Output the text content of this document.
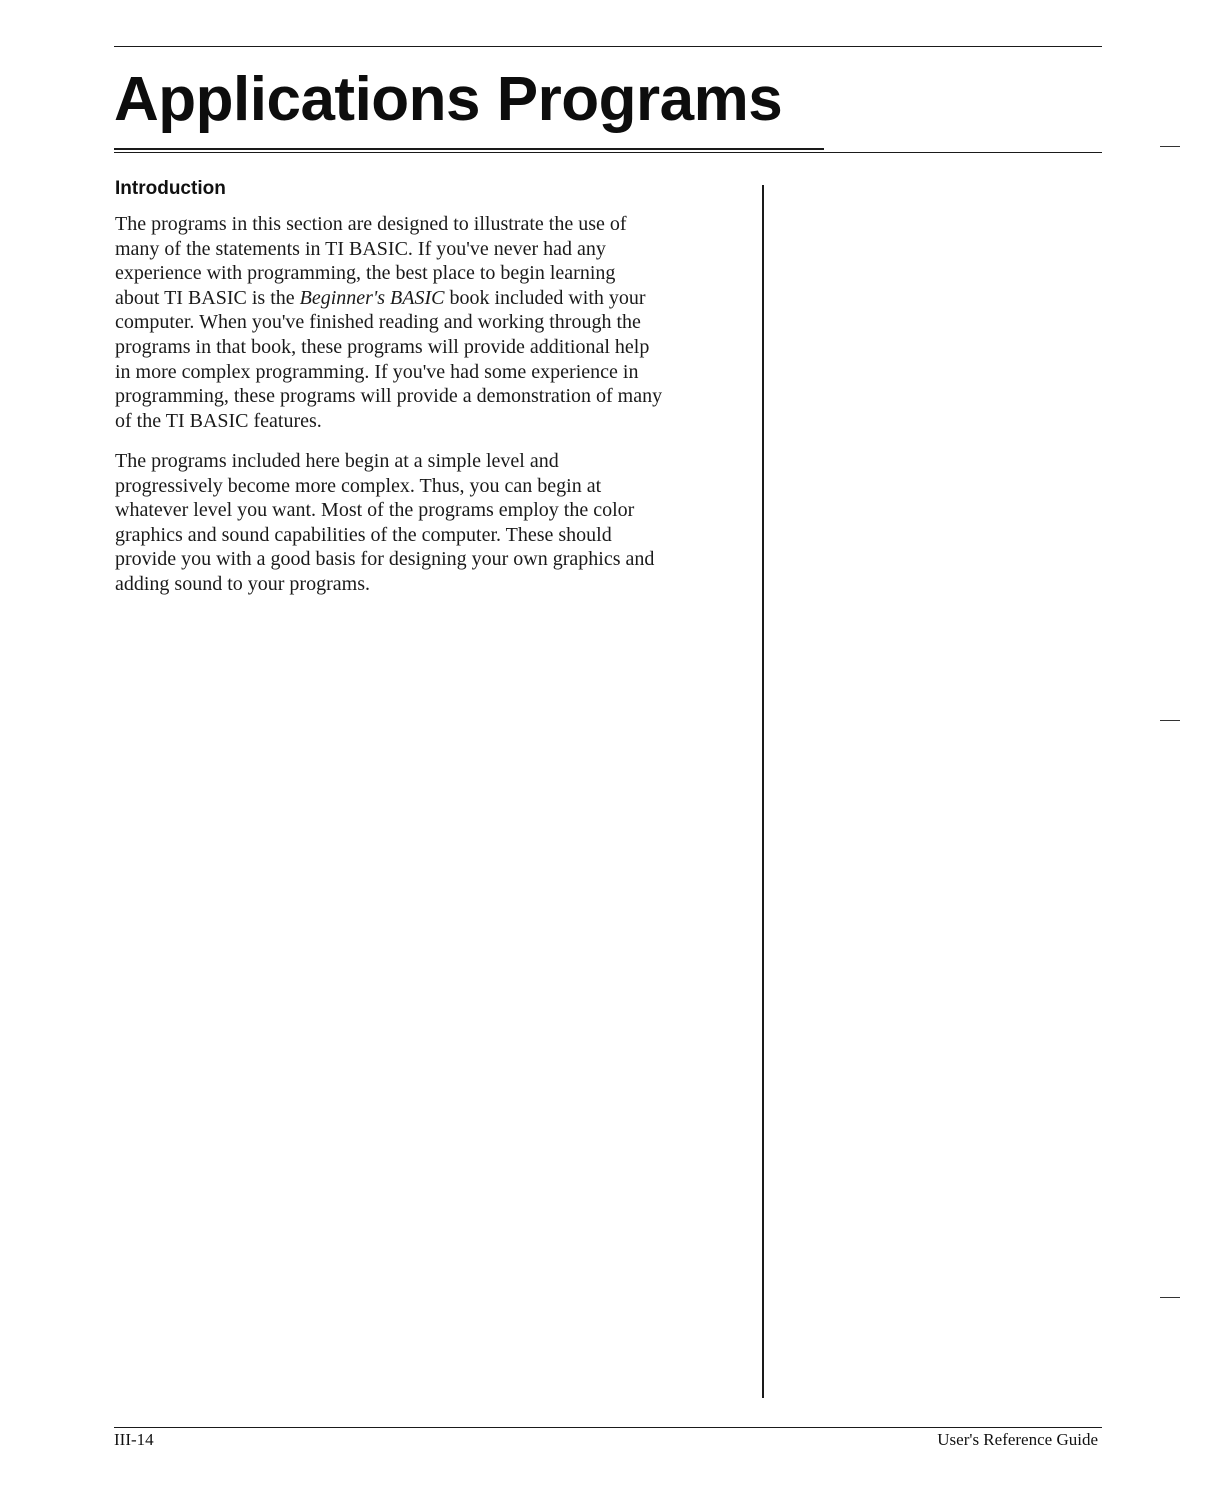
Applications Programs
Introduction

The programs in this section are designed to illustrate the use of
many of the statements in TI BASIC. If you've never had any
experience with programming, the best place to begin learning
about TI BASIC is the Beginner's BASIC book included with your
computer. When you've finished reading and working through the
programs in that book, these programs will provide additional help
in more complex programming. If you've had some experience in
programming, these programs will provide a demonstration of many
of the TI BASIC features.

The programs included here begin at a simple level and
progressively become more complex. Thus, you can begin at
whatever level you want. Most of the programs employ the color
graphics and sound capabilities of the computer. These should
provide you with a good basis for designing your own graphics and
adding sound to your programs.

III-14	User's Reference Guide
